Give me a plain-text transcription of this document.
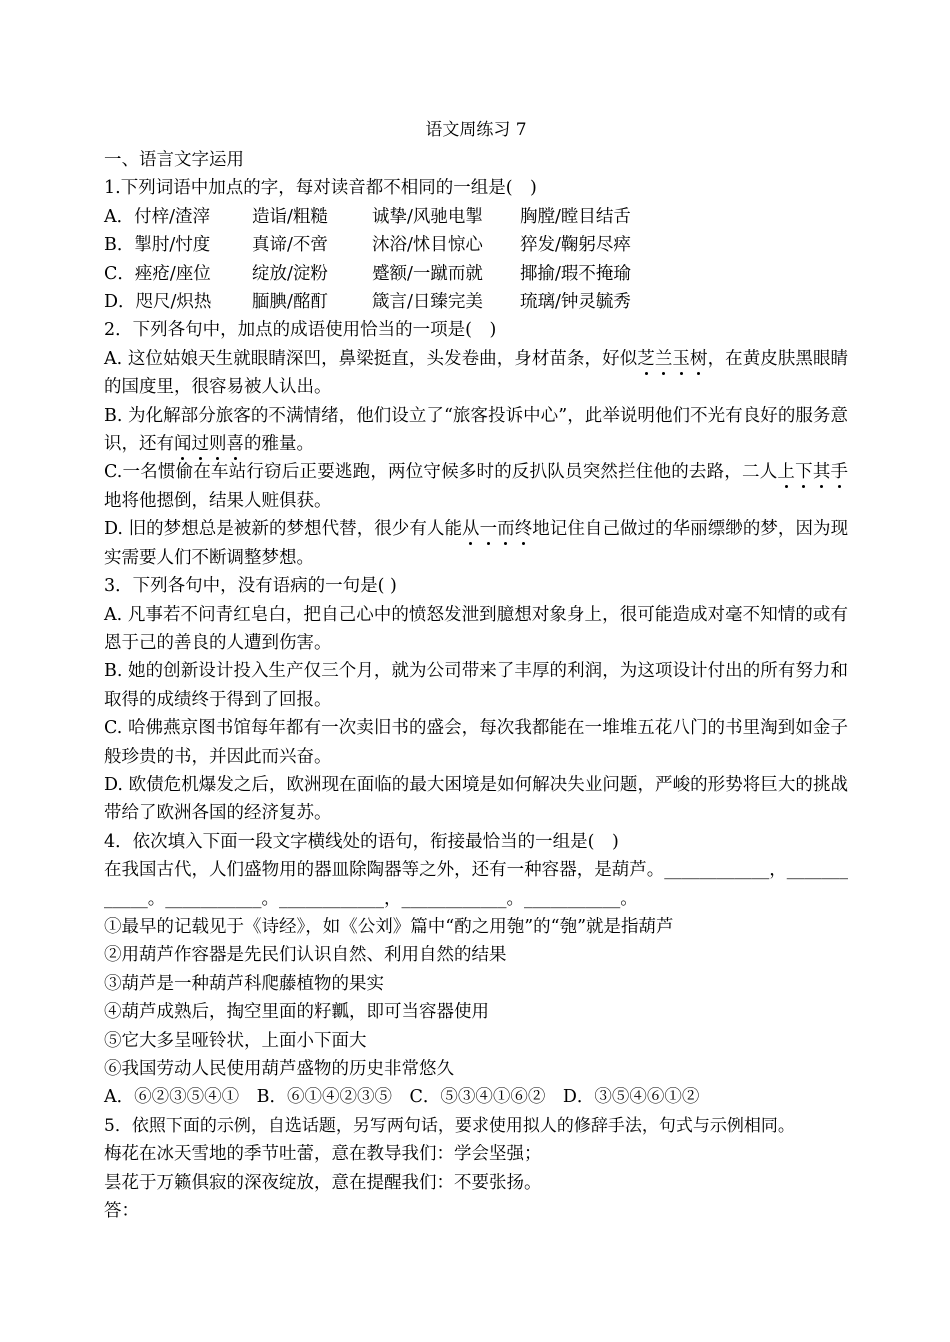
语文周练习 7
一、语言文字运用
1.下列词语中加点的字，每对读音都不相同的一组是(　)
A．付梓/渣滓 造诣/粗糙	诚挚/风驰电掣 胸膛/瞠目结舌
B．掣肘/忖度 真谛/不啻	沐浴/怵目惊心 猝发/鞠躬尽瘁
C．痤疮/座位 绽放/淀粉	蹙额/一蹴而就 揶揄/瑕不掩瑜
D．咫尺/炽热 腼腆/酩酊	箴言/日臻完美 琉璃/钟灵毓秀
2．下列各句中，加点的成语使用恰当的一项是(　)
A. 这位姑娘天生就眼睛深凹，鼻梁挺直，头发卷曲，身材苗条，好似芝兰玉树，在黄皮肤黑眼睛的国度里，很容易被人认出。
B. 为化解部分旅客的不满情绪，他们设立了“旅客投诉中心”，此举说明他们不光有良好的服务意识，还有闻过则喜的雅量。
C.一名惯偷在车站行窃后正要逃跑，两位守候多时的反扒队员突然拦住他的去路，二人上下其手地将他摁倒，结果人赃俱获。
D. 旧的梦想总是被新的梦想代替，很少有人能从一而终地记住自己做过的华丽缥缈的梦，因为现实需要人们不断调整梦想。
3．下列各句中，没有语病的一句是( )
A. 凡事若不问青红皂白，把自己心中的愤怒发泄到臆想对象身上，很可能造成对毫不知情的或有恩于己的善良的人遭到伤害。
B. 她的创新设计投入生产仅三个月，就为公司带来了丰厚的利润，为这项设计付出的所有努力和取得的成绩终于得到了回报。
C. 哈佛燕京图书馆每年都有一次卖旧书的盛会，每次我都能在一堆堆五花八门的书里淘到如金子般珍贵的书，并因此而兴奋。
D. 欧债危机爆发之后，欧洲现在面临的最大困境是如何解决失业问题，严峻的形势将巨大的挑战带给了欧洲各国的经济复苏。
4．依次填入下面一段文字横线处的语句，衔接最恰当的一组是(　)
在我国古代，人们盛物用的器皿除陶器等之外，还有一种容器，是葫芦。____________，____________。___________。____________，____________。___________。
①最早的记载见于《诗经》，如《公刘》篇中“酌之用匏”的“匏”就是指葫芦
②用葫芦作容器是先民们认识自然、利用自然的结果
③葫芦是一种葫芦科爬藤植物的果实
④葫芦成熟后，掏空里面的籽瓤，即可当容器使用
⑤它大多呈哑铃状，上面小下面大
⑥我国劳动人民使用葫芦盛物的历史非常悠久
A．⑥②③⑤④①　B．⑥①④②③⑤　C．⑤③④①⑥②　D．③⑤④⑥①②
5．依照下面的示例，自选话题，另写两句话，要求使用拟人的修辞手法，句式与示例相同。
梅花在冰天雪地的季节吐蕾，意在教导我们：学会坚强；
昙花于万籁俱寂的深夜绽放，意在提醒我们：不要张扬。
答：
